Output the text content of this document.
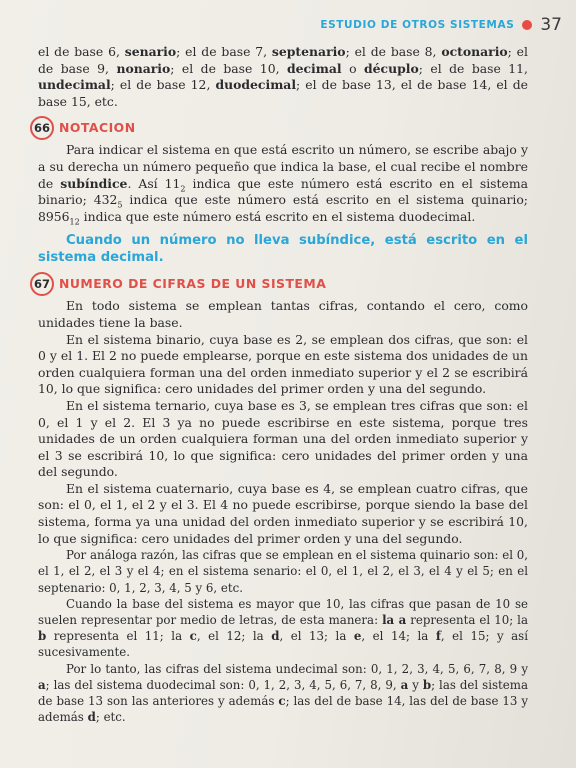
ESTUDIO DE OTROS SISTEMAS 37

el de base 6, senario; el de base 7, septenario; el de base 8, octonario; el de base 9, nonario; el de base 10, decimal o décuplo; el de base 11, undecimal; el de base 12, duodecimal; el de base 13, el de base 14, el de base 15, etc.

66 NOTACION

Para indicar el sistema en que está escrito un número, se escribe abajo y a su derecha un número pequeño que indica la base, el cual recibe el nombre de subíndice. Así $11_2$ indica que este número está escrito en el sistema binario; $432_5$ indica que este número está escrito en el sistema quinario; $8956_{12}$ indica que este número está escrito en el sistema duodecimal.

Cuando un número no lleva subíndice, está escrito en el sistema decimal.

67 NUMERO DE CIFRAS DE UN SISTEMA

En todo sistema se emplean tantas cifras, contando el cero, como unidades tiene la base.

En el sistema binario, cuya base es 2, se emplean dos cifras, que son: el 0 y el 1. El 2 no puede emplearse, porque en este sistema dos unidades de un orden cualquiera forman una del orden inmediato superior y el 2 se escribirá 10, lo que significa: cero unidades del primer orden y una del segundo.

En el sistema ternario, cuya base es 3, se emplean tres cifras que son: el 0, el 1 y el 2. El 3 ya no puede escribirse en este sistema, porque tres unidades de un orden cualquiera forman una del orden inmediato superior y el 3 se escribirá 10, lo que significa: cero unidades del primer orden y una del segundo.

En el sistema cuaternario, cuya base es 4, se emplean cuatro cifras, que son: el 0, el 1, el 2 y el 3. El 4 no puede escribirse, porque siendo la base del sistema, forma ya una unidad del orden inmediato superior y se escribirá 10, lo que significa: cero unidades del primer orden y una del segundo.

Por análoga razón, las cifras que se emplean en el sistema quinario son: el 0, el 1, el 2, el 3 y el 4; en el sistema senario: el 0, el 1, el 2, el 3, el 4 y el 5; en el septenario: 0, 1, 2, 3, 4, 5 y 6, etc.

Cuando la base del sistema es mayor que 10, las cifras que pasan de 10 se suelen representar por medio de letras, de esta manera: la a representa el 10; la b representa el 11; la c, el 12; la d, el 13; la e, el 14; la f, el 15; y así sucesivamente.

Por lo tanto, las cifras del sistema undecimal son: 0, 1, 2, 3, 4, 5, 6, 7, 8, 9 y a; las del sistema duodecimal son: 0, 1, 2, 3, 4, 5, 6, 7, 8, 9, a y b; las del sistema de base 13 son las anteriores y además c; las del de base 14, las del de base 13 y además d; etc.
